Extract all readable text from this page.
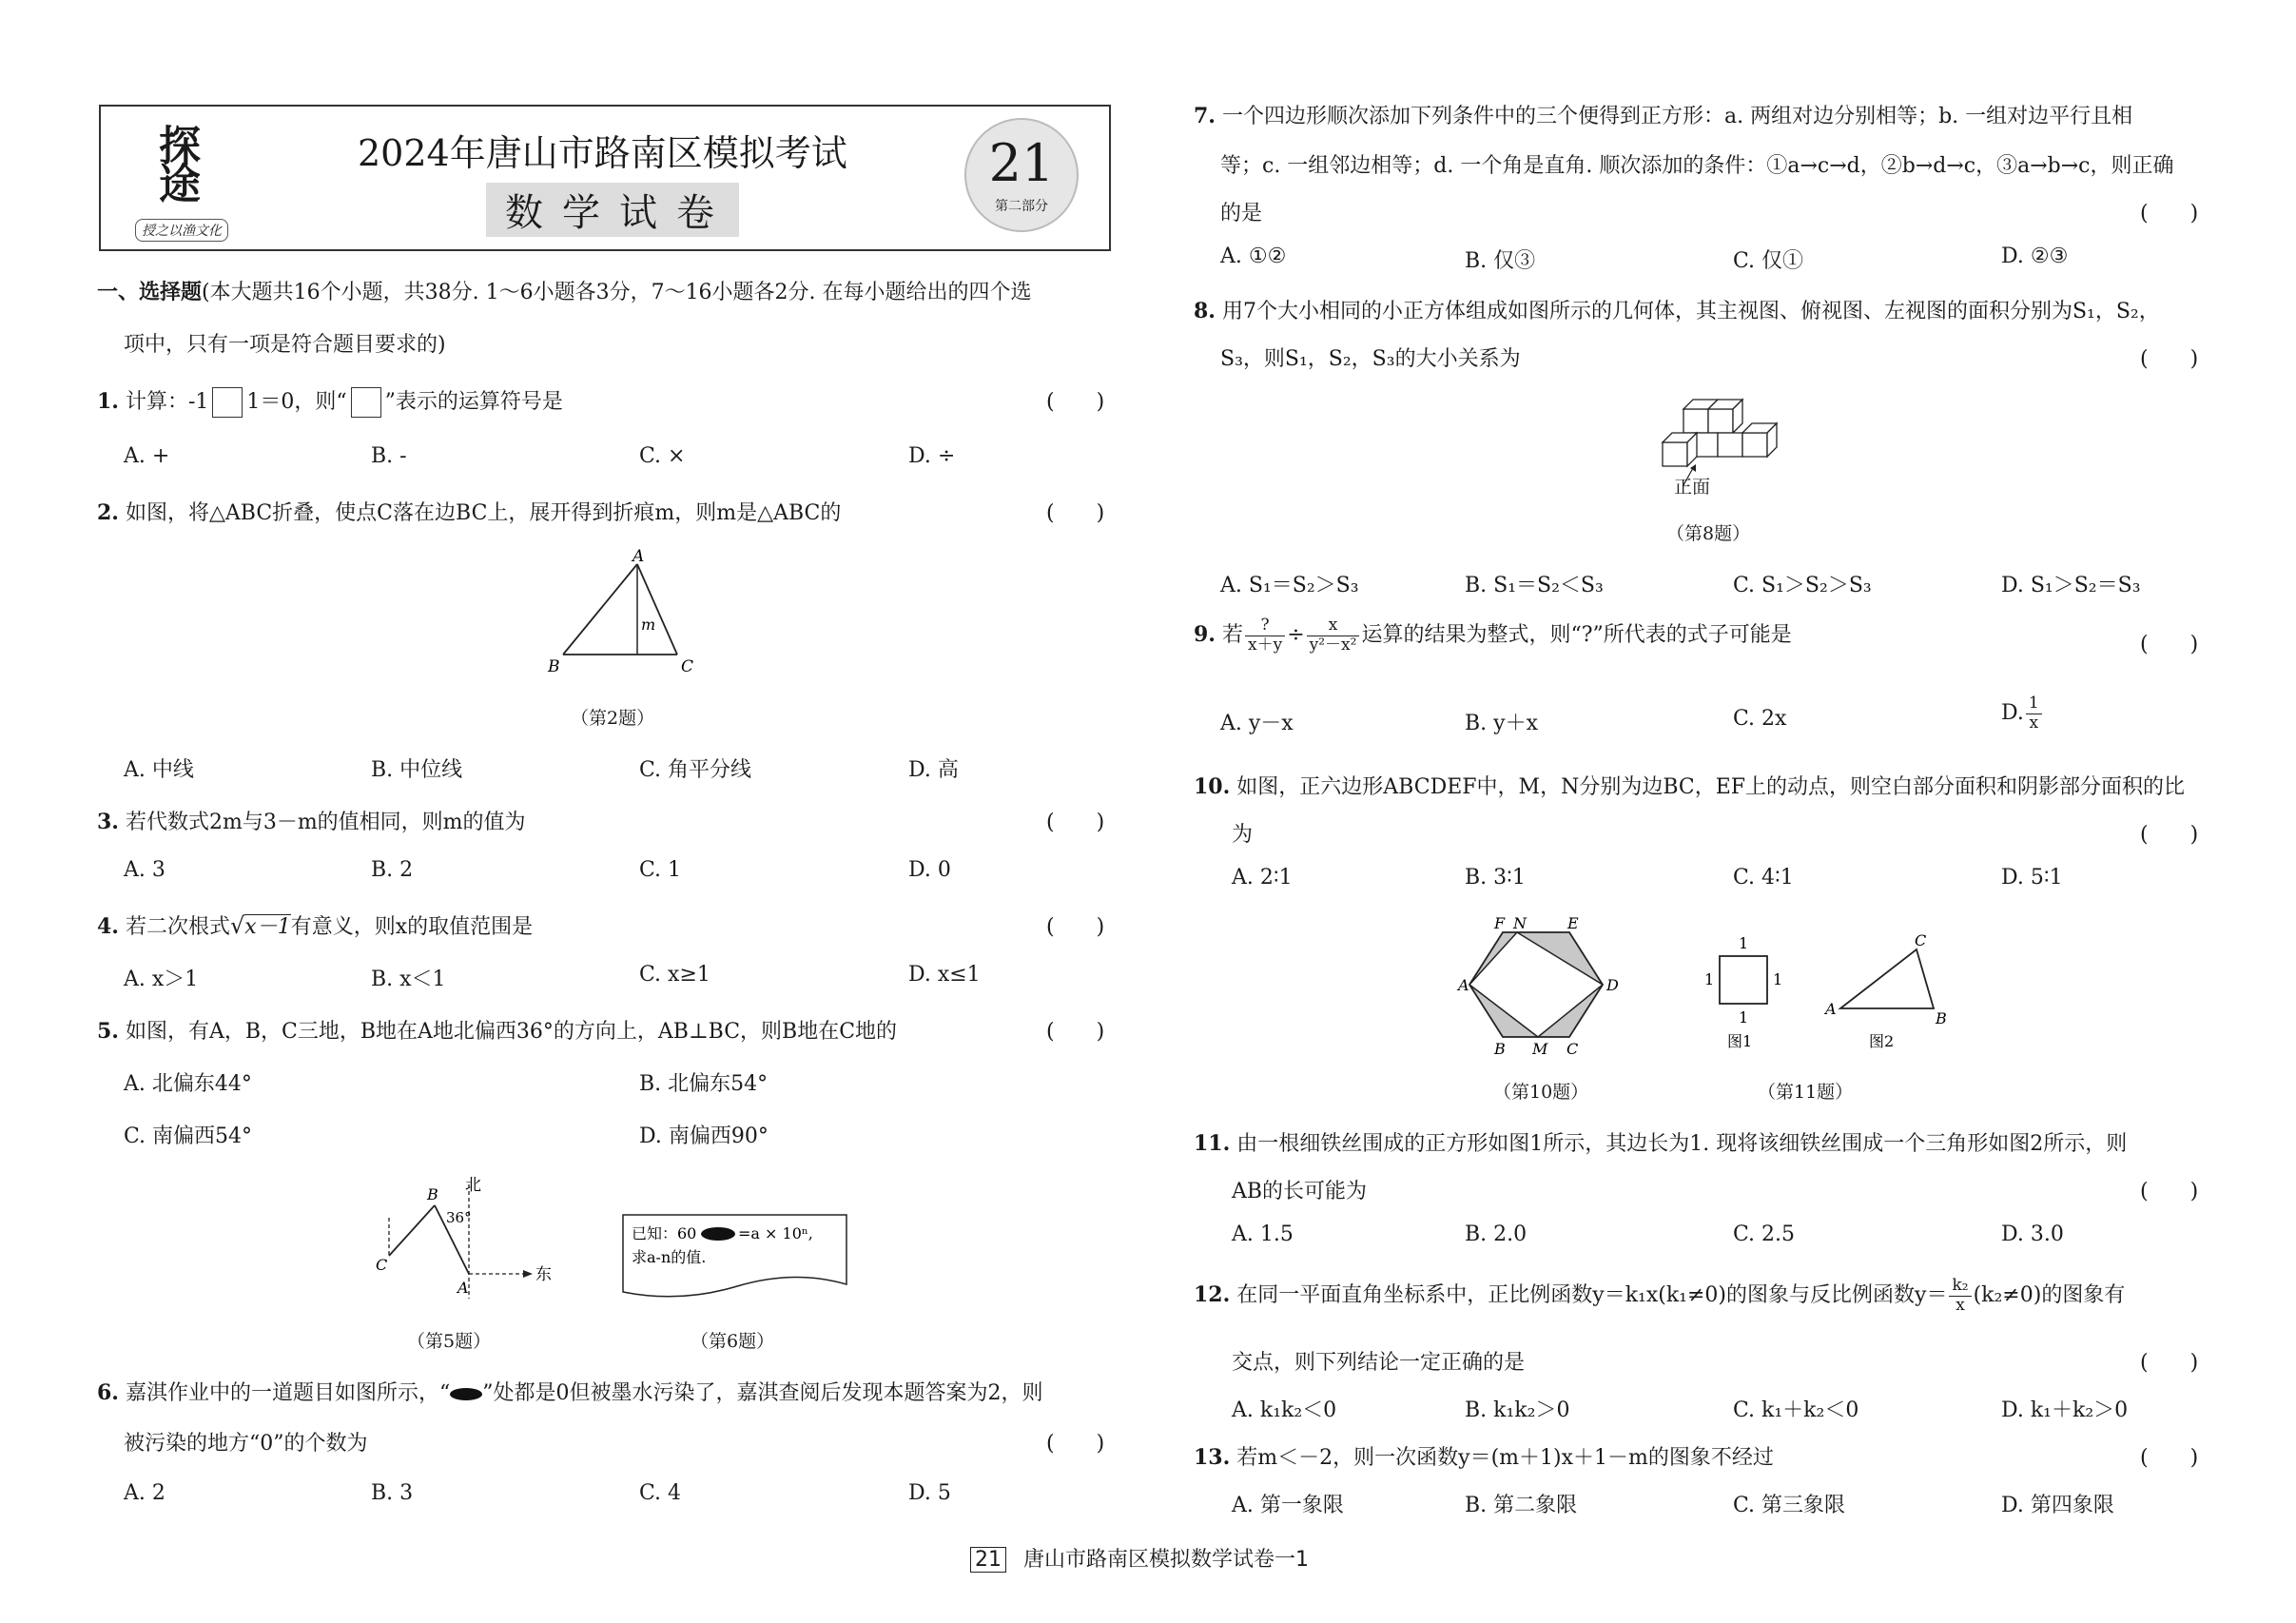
探途
授之以渔文化
2024年唐山市路南区模拟考试
数学试卷
21
第二部分
一、选择题(本大题共16个小题，共38分. 1～6小题各3分，7～16小题各2分. 在每小题给出的四个选
项中，只有一项是符合题目要求的)
1. 计算：-1 1＝0，则“ ”表示的运算符号是	(　　)
A. +	B. -	C. ×	D. ÷
2. 如图，将△ABC折叠，使点C落在边BC上，展开得到折痕m，则m是△ABC的	(　　)
A
B	C
m
（第2题）
A. 中线	B. 中位线	C. 角平分线	D. 高
3. 若代数式2m与3－m的值相同，则m的值为	(　　)
A. 3	B. 2	C. 1	D. 0
4. 若二次根式√x－1有意义，则x的取值范围是	(　　)
A. x＞1	B. x＜1	C. x≥1	D. x≤1
5. 如图，有A，B，C三地，B地在A地北偏西36°的方向上，AB⊥BC，则B地在C地的	(　　)
A. 北偏东44°	B. 北偏东54°
C. 南偏西54°	D. 南偏西90°
北
东
36°
B
C
A
（第5题）
已知：60	=a × 10ⁿ,
求a-n的值.
（第6题）
6. 嘉淇作业中的一道题目如图所示，“ ”处都是0但被墨水污染了，嘉淇查阅后发现本题答案为2，则
被污染的地方“0”的个数为	(　　)
A. 2	B. 3	C. 4	D. 5
7. 一个四边形顺次添加下列条件中的三个便得到正方形：a. 两组对边分别相等；b. 一组对边平行且相
等；c. 一组邻边相等；d. 一个角是直角. 顺次添加的条件：①a→c→d，②b→d→c，③a→b→c，则正确
的是	(　　)
A. ①②	B. 仅③	C. 仅①	D. ②③
8. 用7个大小相同的小正方体组成如图所示的几何体，其主视图、俯视图、左视图的面积分别为S₁，S₂，
S₃，则S₁，S₂，S₃的大小关系为	(　　)
正面
（第8题）
A. S₁＝S₂＞S₃	B. S₁＝S₂＜S₃	C. S₁＞S₂＞S₃	D. S₁＞S₂＝S₃
9. 若 $\frac{?}{x+y} \div \frac{x}{\text{y²－x²}}$ 运算的结果为整式，则“?”所代表的式子可能是	(　　)
A. y－x	B. y＋x	C. 2x	D. $\frac{1}{x}$
10. 如图，正六边形ABCDEF中，M，N分别为边BC，EF上的动点，则空白部分面积和阴影部分面积的比
为	(　　)
A. 2∶1	B. 3∶1	C. 4∶1	D. 5∶1
F N	E
D
A
B M C
（第10题）
1
1	1
1
图1
C
A
B
图2
（第11题）
11. 由一根细铁丝围成的正方形如图1所示，其边长为1. 现将该细铁丝围成一个三角形如图2所示，则
AB的长可能为	(　　)
A. 1.5	B. 2.0	C. 2.5	D. 3.0
12. 在同一平面直角坐标系中，正比例函数y＝k₁x(k₁≠0)的图象与反比例函数$y= \frac{\text{k₂}}{x} (k_2\ne 0)$的图象有
交点，则下列结论一定正确的是	(　　)
A. k₁k₂＜0	B. k₁k₂＞0	C. k₁＋k₂＜0	D. k₁＋k₂＞0
13. 若m＜－2，则一次函数y＝(m＋1)x＋1－m的图象不经过	(　　)
A. 第一象限	B. 第二象限	C. 第三象限	D. 第四象限
21 唐山市路南区模拟数学试卷一1
